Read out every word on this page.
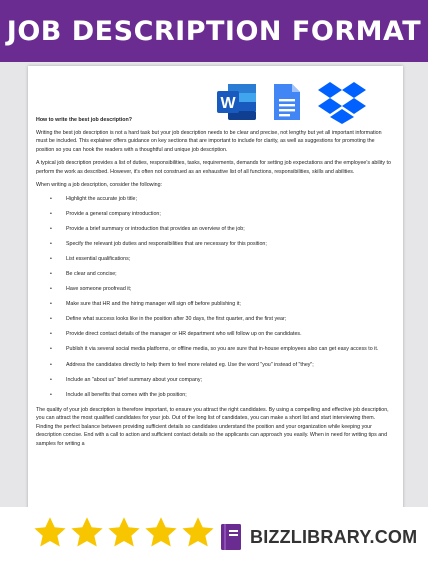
JOB DESCRIPTION FORMAT

How to write the best job description?

Writing the best job description is not a hard task but your job description needs to be clear and precise, not lengthy but yet all important information must be included. This explainer offers guidance on key sections that are important to include for clarity, as well as suggestions for promoting the position so you can hook the readers with a thoughtful and unique job description.

A typical job description provides a list of duties, responsibilities, tasks, requirements, demands for setting job expectations and the employee's ability to perform the work as described. However, it's often not construed as an exhaustive list of all functions, responsibilities, skills and abilities.

When writing a job description, consider the following:

• Highlight the accurate job title;
• Provide a general company introduction;
• Provide a brief summary or introduction that provides an overview of the job;
• Specify the relevant job duties and responsibilities that are necessary for this position;
• List essential qualifications;
• Be clear and concise;
• Have someone proofread it;
• Make sure that HR and the hiring manager will sign off before publishing it;
• Define what success looks like in the position after 30 days, the first quarter, and the first year;
• Provide direct contact details of the manager or HR department who will follow up on the candidates.
• Publish it via several social media platforms, or offline media, so you are sure that in-house employees also can get easy access to it.
• Address the candidates directly to help them to feel more related eg. Use the word "you" instead of "they";
• Include an "about us" brief summary about your company;
• Include all benefits that comes with the job position;

The quality of your job description is therefore important, to ensure you attract the right candidates. By using a compelling and effective job description, you can attract the most qualified candidates for your job. Out of the long list of candidates, you can make a short list and start interviewing them. Finding the perfect balance between providing sufficient details so candidates understand the position and your organization while keeping your description concise. End with a call to action and sufficient contact details so the applicants can approach you easily. When in need for writing tips and samples for writing a

W
BIZZLIBRARY.COM
